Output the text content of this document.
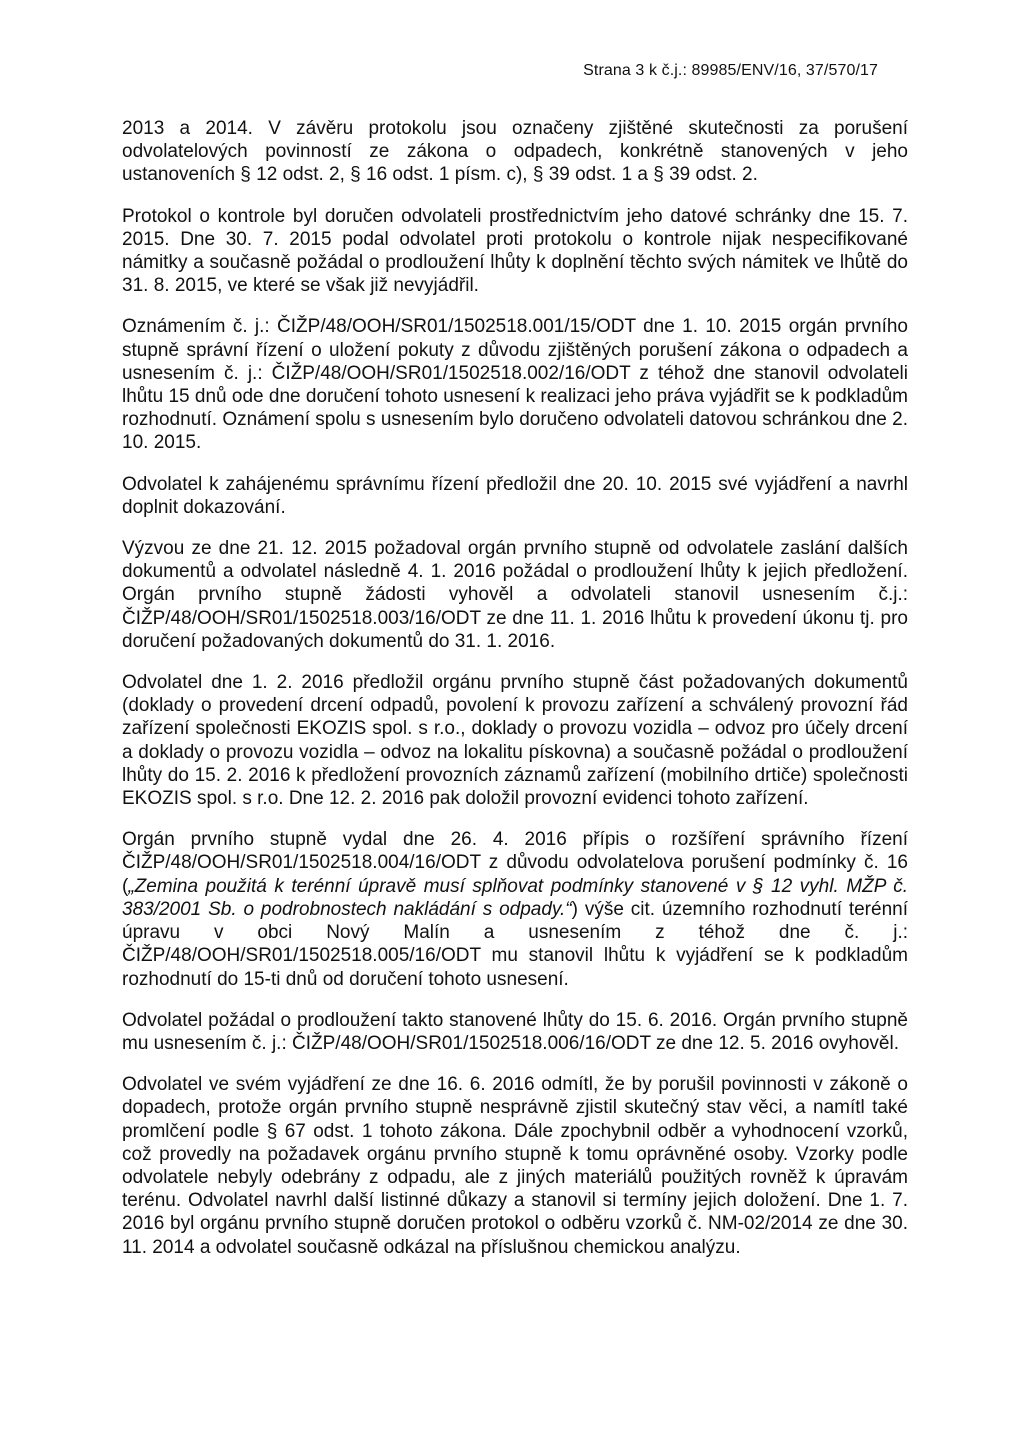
Strana 3 k č.j.: 89985/ENV/16, 37/570/17

2013 a 2014. V závěru protokolu jsou označeny zjištěné skutečnosti za porušení odvolatelových povinností ze zákona o odpadech, konkrétně stanovených v jeho ustanoveních § 12 odst. 2, § 16 odst. 1 písm. c), § 39 odst. 1 a § 39 odst. 2.

Protokol o kontrole byl doručen odvolateli prostřednictvím jeho datové schránky dne 15. 7. 2015. Dne 30. 7. 2015 podal odvolatel proti protokolu o kontrole nijak nespecifikované námitky a současně požádal o prodloužení lhůty k doplnění těchto svých námitek ve lhůtě do 31. 8. 2015, ve které se však již nevyjádřil.

Oznámením č. j.: ČIŽP/48/OOH/SR01/1502518.001/15/ODT dne 1. 10. 2015 orgán prvního stupně správní řízení o uložení pokuty z důvodu zjištěných porušení zákona o odpadech a usnesením č. j.: ČIŽP/48/OOH/SR01/1502518.002/16/ODT z téhož dne stanovil odvolateli lhůtu 15 dnů ode dne doručení tohoto usnesení k realizaci jeho práva vyjádřit se k podkladům rozhodnutí. Oznámení spolu s usnesením bylo doručeno odvolateli datovou schránkou dne 2. 10. 2015.

Odvolatel k zahájenému správnímu řízení předložil dne 20. 10. 2015 své vyjádření a navrhl doplnit dokazování.

Výzvou ze dne 21. 12. 2015 požadoval orgán prvního stupně od odvolatele zaslání dalších dokumentů a odvolatel následně 4. 1. 2016 požádal o prodloužení lhůty k jejich předložení. Orgán prvního stupně žádosti vyhověl a odvolateli stanovil usnesením č.j.: ČIŽP/48/OOH/SR01/1502518.003/16/ODT ze dne 11. 1. 2016 lhůtu k provedení úkonu tj. pro doručení požadovaných dokumentů do 31. 1. 2016.

Odvolatel dne 1. 2. 2016 předložil orgánu prvního stupně část požadovaných dokumentů (doklady o provedení drcení odpadů, povolení k provozu zařízení a schválený provozní řád zařízení společnosti EKOZIS spol. s r.o., doklady o provozu vozidla – odvoz pro účely drcení a doklady o provozu vozidla – odvoz na lokalitu pískovna) a současně požádal o prodloužení lhůty do 15. 2. 2016 k předložení provozních záznamů zařízení (mobilního drtiče) společnosti EKOZIS spol. s r.o. Dne 12. 2. 2016 pak doložil provozní evidenci tohoto zařízení.

Orgán prvního stupně vydal dne 26. 4. 2016 přípis o rozšíření správního řízení ČIŽP/48/OOH/SR01/1502518.004/16/ODT z důvodu odvolatelova porušení podmínky č. 16 („Zemina použitá k terénní úpravě musí splňovat podmínky stanovené v § 12 vyhl. MŽP č. 383/2001 Sb. o podrobnostech nakládání s odpady.“) výše cit. územního rozhodnutí terénní úpravu v obci Nový Malín a usnesením z téhož dne č. j.: ČIŽP/48/OOH/SR01/1502518.005/16/ODT mu stanovil lhůtu k vyjádření se k podkladům rozhodnutí do 15-ti dnů od doručení tohoto usnesení.

Odvolatel požádal o prodloužení takto stanovené lhůty do 15. 6. 2016. Orgán prvního stupně mu usnesením č. j.: ČIŽP/48/OOH/SR01/1502518.006/16/ODT ze dne 12. 5. 2016 ovyhověl.

Odvolatel ve svém vyjádření ze dne 16. 6. 2016 odmítl, že by porušil povinnosti v zákoně o dopadech, protože orgán prvního stupně nesprávně zjistil skutečný stav věci, a namítl také promlčení podle § 67 odst. 1 tohoto zákona. Dále zpochybnil odběr a vyhodnocení vzorků, což provedly na požadavek orgánu prvního stupně k tomu oprávněné osoby. Vzorky podle odvolatele nebyly odebrány z odpadu, ale z jiných materiálů použitých rovněž k úpravám terénu. Odvolatel navrhl další listinné důkazy a stanovil si termíny jejich doložení. Dne 1. 7. 2016 byl orgánu prvního stupně doručen protokol o odběru vzorků č. NM-02/2014 ze dne 30. 11. 2014 a odvolatel současně odkázal na příslušnou chemickou analýzu.
